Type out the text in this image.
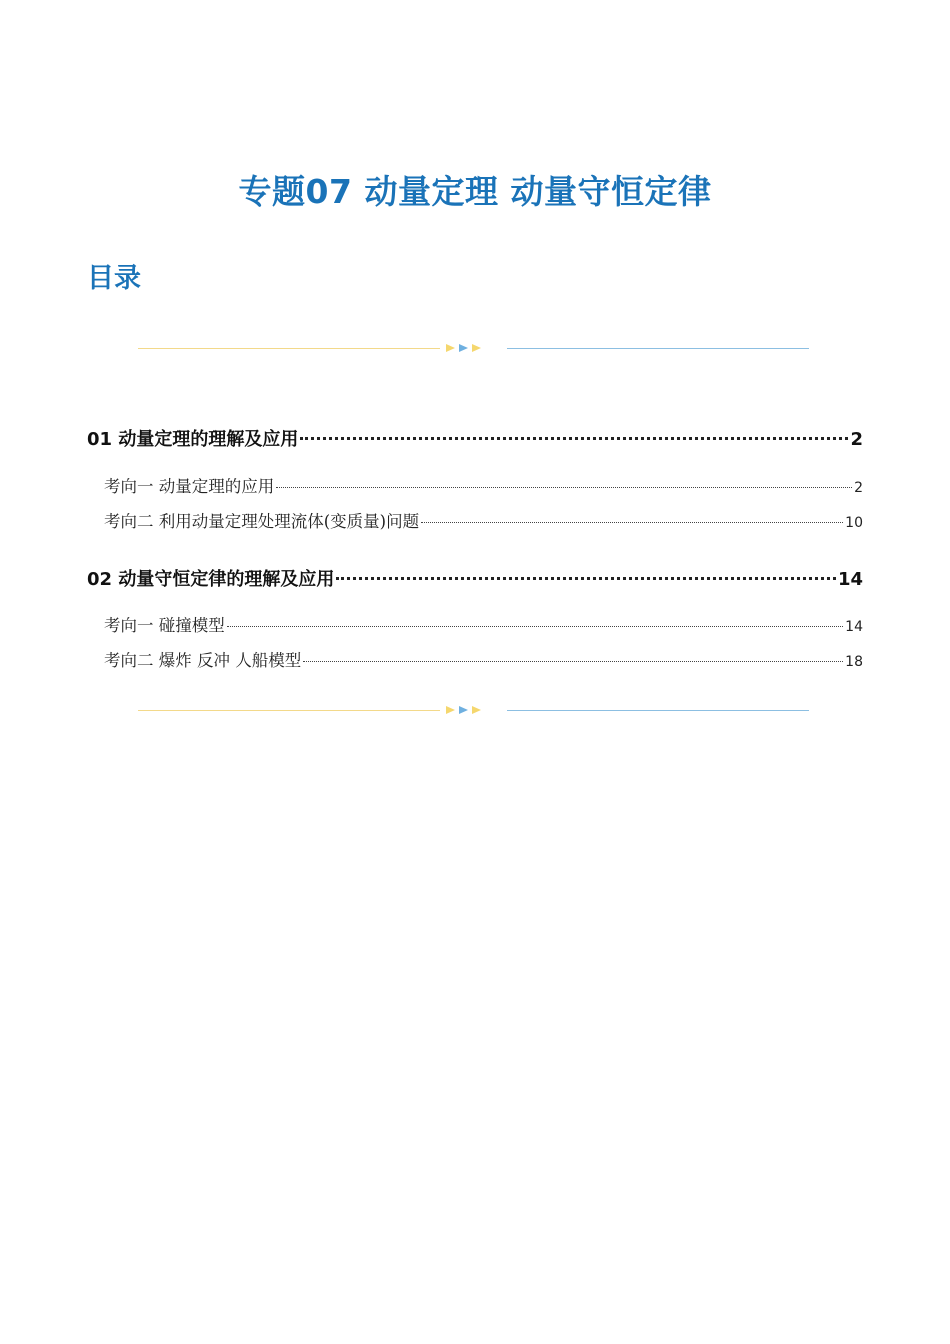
专题07 动量定理 动量守恒定律
目录
01 动量定理的理解及应用	2
考向一 动量定理的应用	2
考向二 利用动量定理处理流体(变质量)问题	10
02 动量守恒定律的理解及应用	14
考向一 碰撞模型	14
考向二 爆炸 反冲 人船模型	18
